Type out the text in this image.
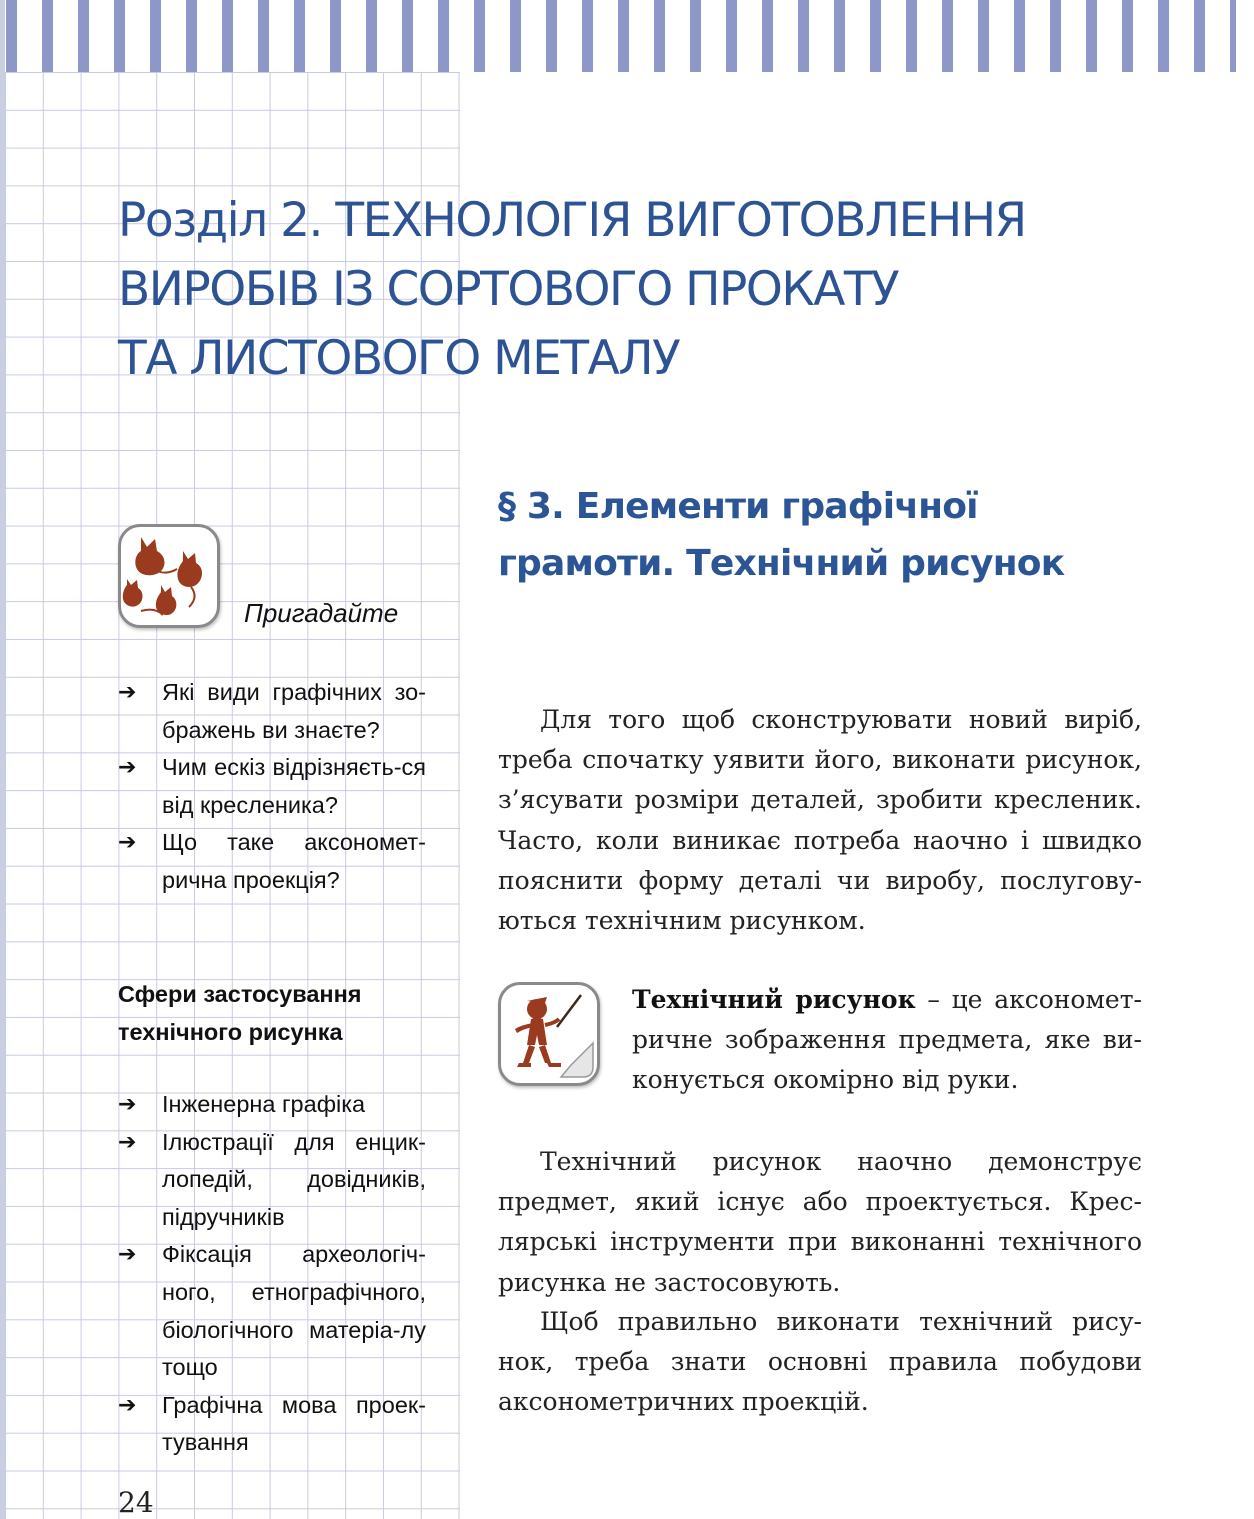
Розділ 2. ТЕХНОЛОГІЯ ВИГОТОВЛЕННЯ
ВИРОБІВ ІЗ СОРТОВОГО ПРОКАТУ
ТА ЛИСТОВОГО МЕТАЛУ
§ 3. Елементи графічної
грамоти. Технічний рисунок
Пригадайте
➔ Які види графічних зо-бражень ви знаєте?
➔ Чим ескіз відрізняєть-ся від кресленика?
➔ Що таке аксономет-рична проекція?
Сфери застосування
технічного рисунка
➔ Інженерна графіка
➔ Ілюстрації для енцик-лопедій, довідників, підручників
➔ Фіксація археологіч-ного, етнографічного, біологічного матеріа-лу тощо
➔ Графічна мова проек-тування

Для того щоб сконструювати новий виріб, треба спочатку уявити його, виконати рисунок, з’ясувати розміри деталей, зробити кресленик. Часто, коли виникає потреба наочно і швидко пояснити форму деталі чи виробу, послугову-ються технічним рисунком.

Технічний рисунок – це аксономет-ричне зображення предмета, яке ви-конується окомірно від руки.

Технічний рисунок наочно демонструє предмет, який існує або проектується. Крес-лярські інструменти при виконанні технічного рисунка не застосовують.

Щоб правильно виконати технічний рису-нок, треба знати основні правила побудови аксонометричних проекцій.

24
